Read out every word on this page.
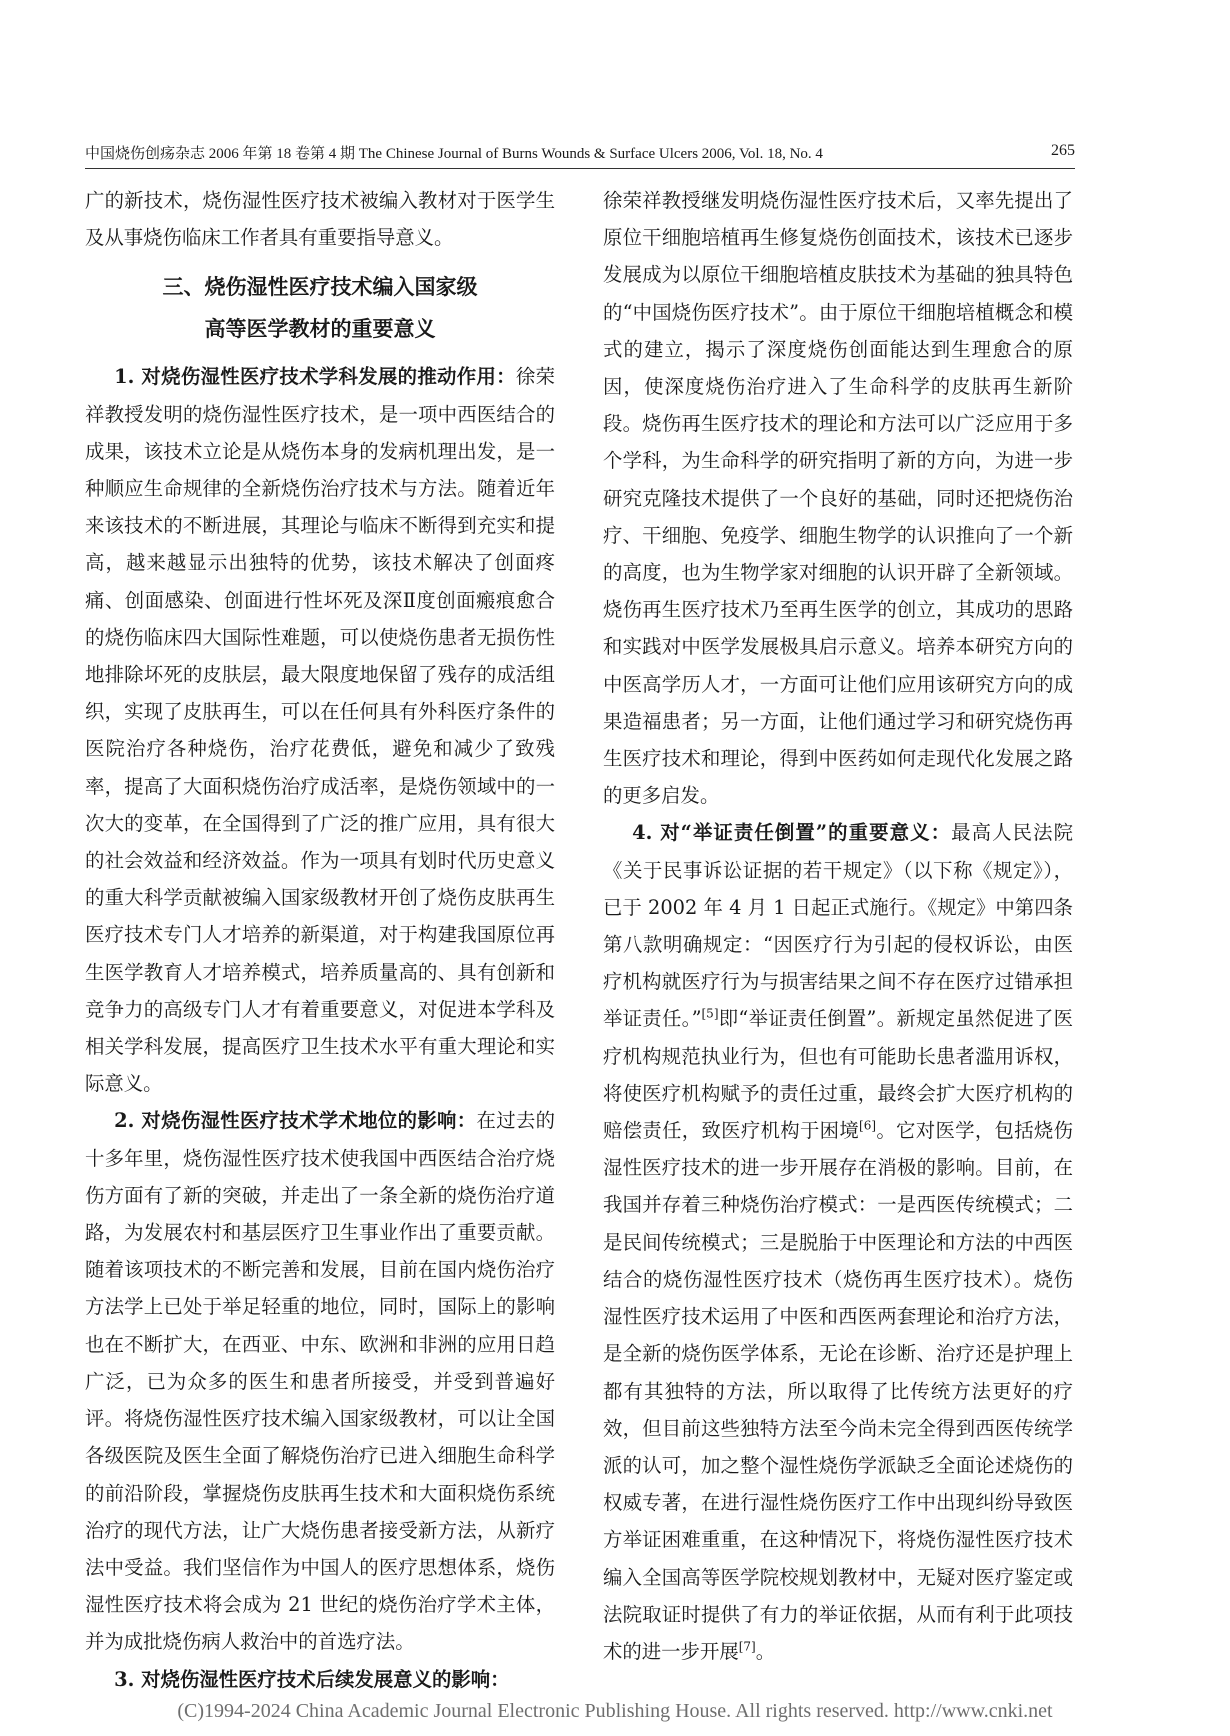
中国烧伤创疡杂志 2006 年第 18 卷第 4 期 The Chinese Journal of Burns Wounds & Surface Ulcers 2006, Vol. 18, No. 4	265

广的新技术，烧伤湿性医疗技术被编入教材对于医学生及从事烧伤临床工作者具有重要指导意义。

三、烧伤湿性医疗技术编入国家级
高等医学教材的重要意义

1. 对烧伤湿性医疗技术学科发展的推动作用：徐荣祥教授发明的烧伤湿性医疗技术，是一项中西医结合的成果，该技术立论是从烧伤本身的发病机理出发，是一种顺应生命规律的全新烧伤治疗技术与方法。随着近年来该技术的不断进展，其理论与临床不断得到充实和提高，越来越显示出独特的优势，该技术解决了创面疼痛、创面感染、创面进行性坏死及深Ⅱ度创面瘢痕愈合的烧伤临床四大国际性难题，可以使烧伤患者无损伤性地排除坏死的皮肤层，最大限度地保留了残存的成活组织，实现了皮肤再生，可以在任何具有外科医疗条件的医院治疗各种烧伤，治疗花费低，避免和减少了致残率，提高了大面积烧伤治疗成活率，是烧伤领域中的一次大的变革，在全国得到了广泛的推广应用，具有很大的社会效益和经济效益。作为一项具有划时代历史意义的重大科学贡献被编入国家级教材开创了烧伤皮肤再生医疗技术专门人才培养的新渠道，对于构建我国原位再生医学教育人才培养模式，培养质量高的、具有创新和竞争力的高级专门人才有着重要意义，对促进本学科及相关学科发展，提高医疗卫生技术水平有重大理论和实际意义。

2. 对烧伤湿性医疗技术学术地位的影响：在过去的十多年里，烧伤湿性医疗技术使我国中西医结合治疗烧伤方面有了新的突破，并走出了一条全新的烧伤治疗道路，为发展农村和基层医疗卫生事业作出了重要贡献。随着该项技术的不断完善和发展，目前在国内烧伤治疗方法学上已处于举足轻重的地位，同时，国际上的影响也在不断扩大，在西亚、中东、欧洲和非洲的应用日趋广泛，已为众多的医生和患者所接受，并受到普遍好评。将烧伤湿性医疗技术编入国家级教材，可以让全国各级医院及医生全面了解烧伤治疗已进入细胞生命科学的前沿阶段，掌握烧伤皮肤再生技术和大面积烧伤系统治疗的现代方法，让广大烧伤患者接受新方法，从新疗法中受益。我们坚信作为中国人的医疗思想体系，烧伤湿性医疗技术将会成为 21 世纪的烧伤治疗学术主体，并为成批烧伤病人救治中的首选疗法。

3. 对烧伤湿性医疗技术后续发展意义的影响：

徐荣祥教授继发明烧伤湿性医疗技术后，又率先提出了原位干细胞培植再生修复烧伤创面技术，该技术已逐步发展成为以原位干细胞培植皮肤技术为基础的独具特色的“中国烧伤医疗技术”。由于原位干细胞培植概念和模式的建立，揭示了深度烧伤创面能达到生理愈合的原因，使深度烧伤治疗进入了生命科学的皮肤再生新阶段。烧伤再生医疗技术的理论和方法可以广泛应用于多个学科，为生命科学的研究指明了新的方向，为进一步研究克隆技术提供了一个良好的基础，同时还把烧伤治疗、干细胞、免疫学、细胞生物学的认识推向了一个新的高度，也为生物学家对细胞的认识开辟了全新领域。烧伤再生医疗技术乃至再生医学的创立，其成功的思路和实践对中医学发展极具启示意义。培养本研究方向的中医高学历人才，一方面可让他们应用该研究方向的成果造福患者；另一方面，让他们通过学习和研究烧伤再生医疗技术和理论，得到中医药如何走现代化发展之路的更多启发。

4. 对“举证责任倒置”的重要意义：最高人民法院《关于民事诉讼证据的若干规定》（以下称《规定》），已于 2002 年 4 月 1 日起正式施行。《规定》中第四条第八款明确规定：“因医疗行为引起的侵权诉讼，由医疗机构就医疗行为与损害结果之间不存在医疗过错承担举证责任。”[5]即“举证责任倒置”。新规定虽然促进了医疗机构规范执业行为，但也有可能助长患者滥用诉权，将使医疗机构赋予的责任过重，最终会扩大医疗机构的赔偿责任，致医疗机构于困境[6]。它对医学，包括烧伤湿性医疗技术的进一步开展存在消极的影响。目前，在我国并存着三种烧伤治疗模式：一是西医传统模式；二是民间传统模式；三是脱胎于中医理论和方法的中西医结合的烧伤湿性医疗技术（烧伤再生医疗技术）。烧伤湿性医疗技术运用了中医和西医两套理论和治疗方法，是全新的烧伤医学体系，无论在诊断、治疗还是护理上都有其独特的方法，所以取得了比传统方法更好的疗效，但目前这些独特方法至今尚未完全得到西医传统学派的认可，加之整个湿性烧伤学派缺乏全面论述烧伤的权威专著，在进行湿性烧伤医疗工作中出现纠纷导致医方举证困难重重，在这种情况下，将烧伤湿性医疗技术编入全国高等医学院校规划教材中，无疑对医疗鉴定或法院取证时提供了有力的举证依据，从而有利于此项技术的进一步开展[7]。

(C)1994-2024 China Academic Journal Electronic Publishing House. All rights reserved. http://www.cnki.net
